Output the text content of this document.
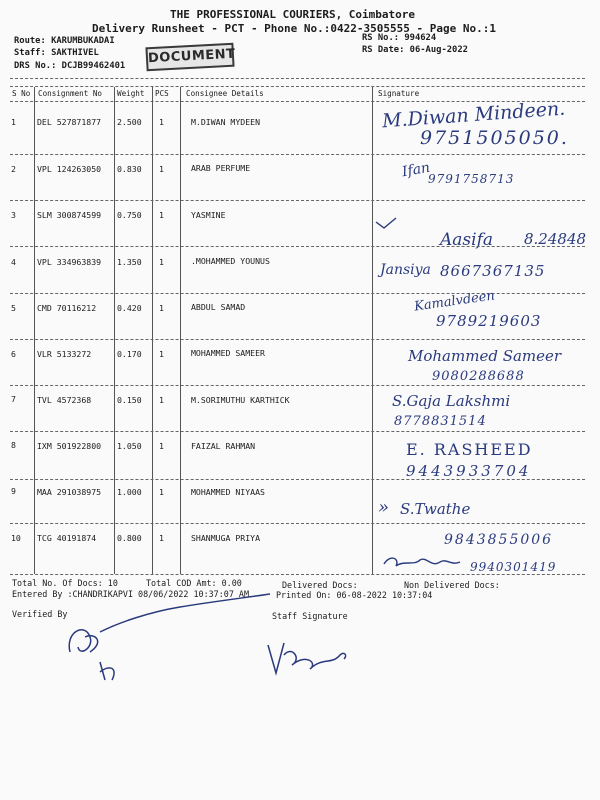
THE PROFESSIONAL COURIERS, Coimbatore
Delivery Runsheet - PCT - Phone No.:0422-3505555 - Page No.:1
Route: KARUMBUKADAI
Staff: SAKTHIVEL
DRS No.: DCJB99462401
RS No.: 994624
RS Date: 06-Aug-2022
DOCUMENT
S No Consignment No Weight PCS Consignee Details	Signature
1	DEL 527871877 2.500 1	M.DIWAN MYDEEN	M.Diwan Mindeen.
9751505050.
2	VPL 124263050 0.830 1	ARAB PERFUME	Ifan
9791758713
3	SLM 300874599 0.750 1	YASMINE
Aasifa 8.24848
4	VPL 334963839 1.350 1	.MOHAMMED YOUNUS
Jansiya 8667367135
5	CMD 70116212	0.420 1	ABDUL SAMAD	Kamalvdeen
9789219603
6	VLR 5133272	0.170 1	MOHAMMED SAMEER	Mohammed Sameer
9080288688
7	TVL 4572368	0.150 1	M.SORIMUTHU KARTHICK	S.Gaja Lakshmi
8778831514
8	IXM 501922800 1.050 1	FAIZAL RAHMAN	E. RASHEED
9443933704
9	MAA 291038975 1.000 1	MOHAMMED NIYAAS
S.Twathe
»
10 TCG 40191874	0.800 1	SHANMUGA PRIYA	9843855006
9940301419
Total No. Of Docs: 10	Total COD Amt: 0.00	Delivered Docs:	Non Delivered Docs:
Entered By :CHANDRIKAPVI 08/06/2022 10:37:07 AM	Printed On: 06-08-2022 10:37:04
Verified By	Staff Signature
